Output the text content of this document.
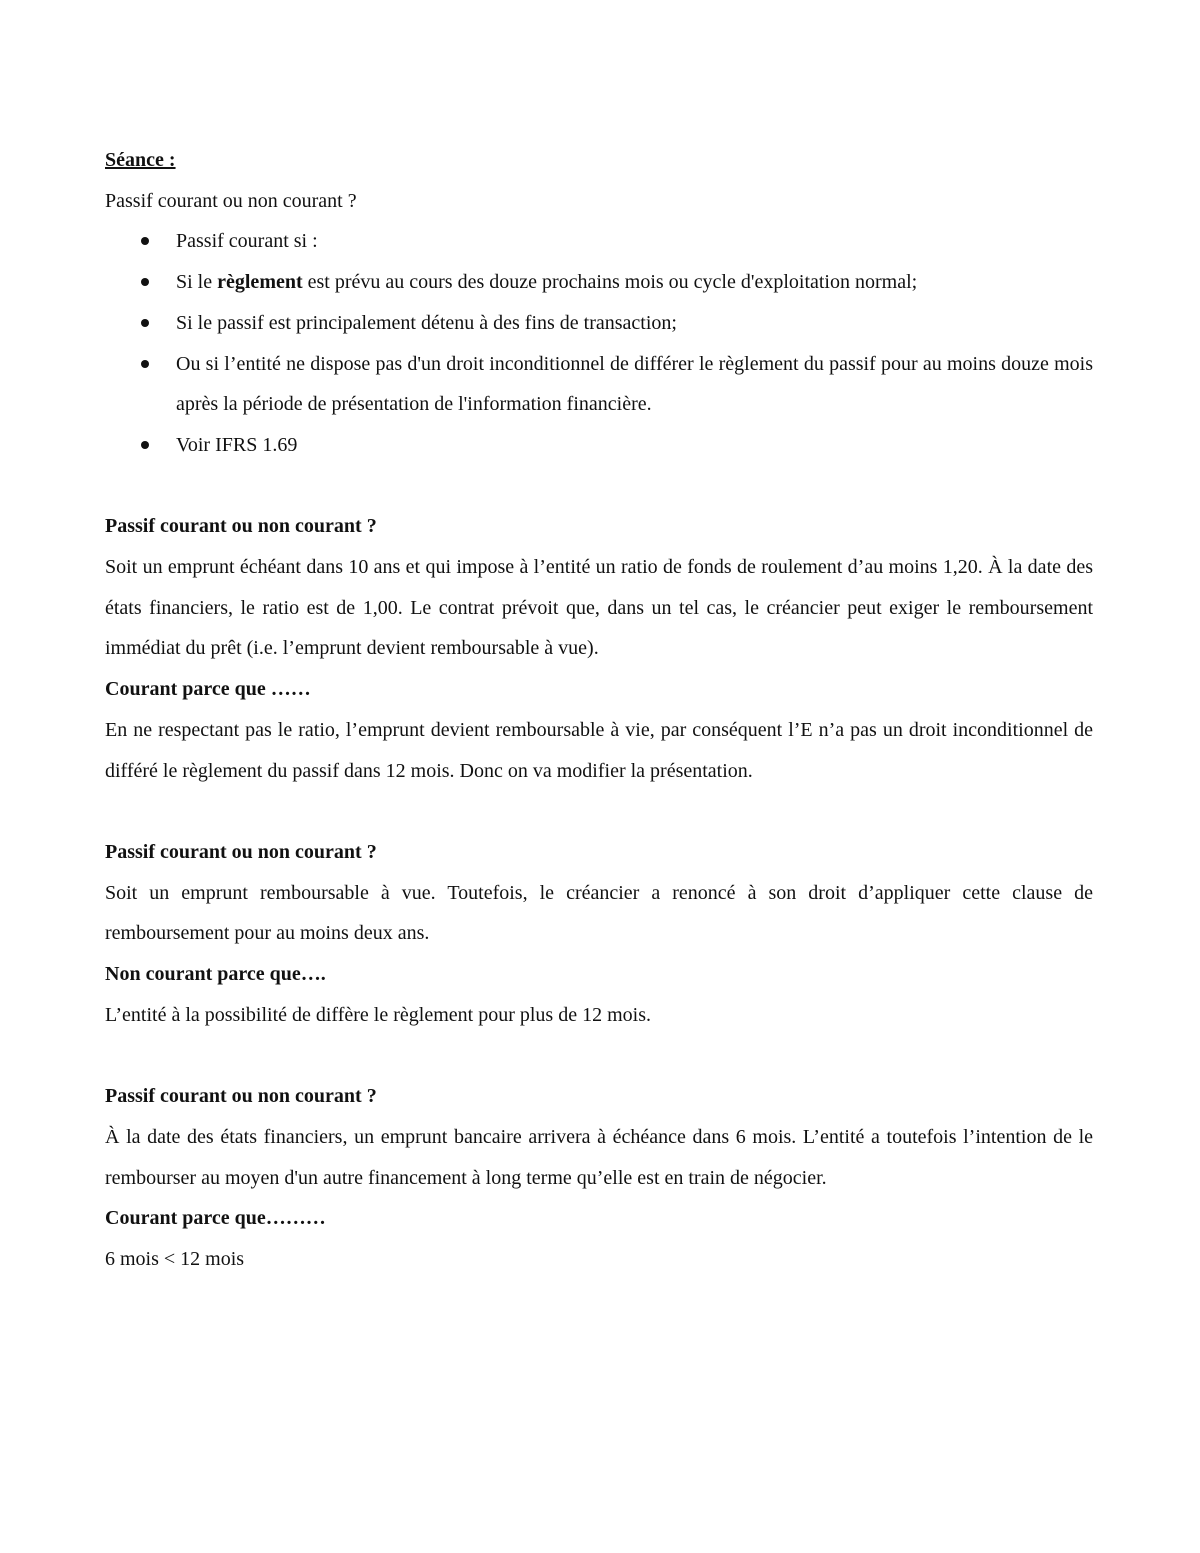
Séance :

Passif courant ou non courant ?

Passif courant si :
Si le règlement est prévu au cours des douze prochains mois ou cycle d'exploitation normal;
Si le passif est principalement détenu à des fins de transaction;
Ou si l’entité ne dispose pas d'un droit inconditionnel de différer le règlement du passif pour au moins douze mois après la période de présentation de l'information financière.
Voir IFRS 1.69

Passif courant ou non courant ?

Soit un emprunt échéant dans 10 ans et qui impose à l’entité un ratio de fonds de roulement d’au moins 1,20. À la date des états financiers, le ratio est de 1,00. Le contrat prévoit que, dans un tel cas, le créancier peut exiger le remboursement immédiat du prêt (i.e. l’emprunt devient remboursable à vue).

Courant parce que ……

En ne respectant pas le ratio, l’emprunt devient remboursable à vie, par conséquent l’E n’a pas un droit inconditionnel de différé le règlement du passif dans 12 mois. Donc on va modifier la présentation.

Passif courant ou non courant ?

Soit un emprunt remboursable à vue. Toutefois, le créancier a renoncé à son droit d’appliquer cette clause de remboursement pour au moins deux ans.

Non courant parce que….

L’entité à la possibilité de diffère le règlement pour plus de 12 mois.

Passif courant ou non courant ?

À la date des états financiers, un emprunt bancaire arrivera à échéance dans 6 mois. L’entité a toutefois l’intention de le rembourser au moyen d'un autre financement à long terme qu’elle est en train de négocier.

Courant parce que………

6 mois < 12 mois
